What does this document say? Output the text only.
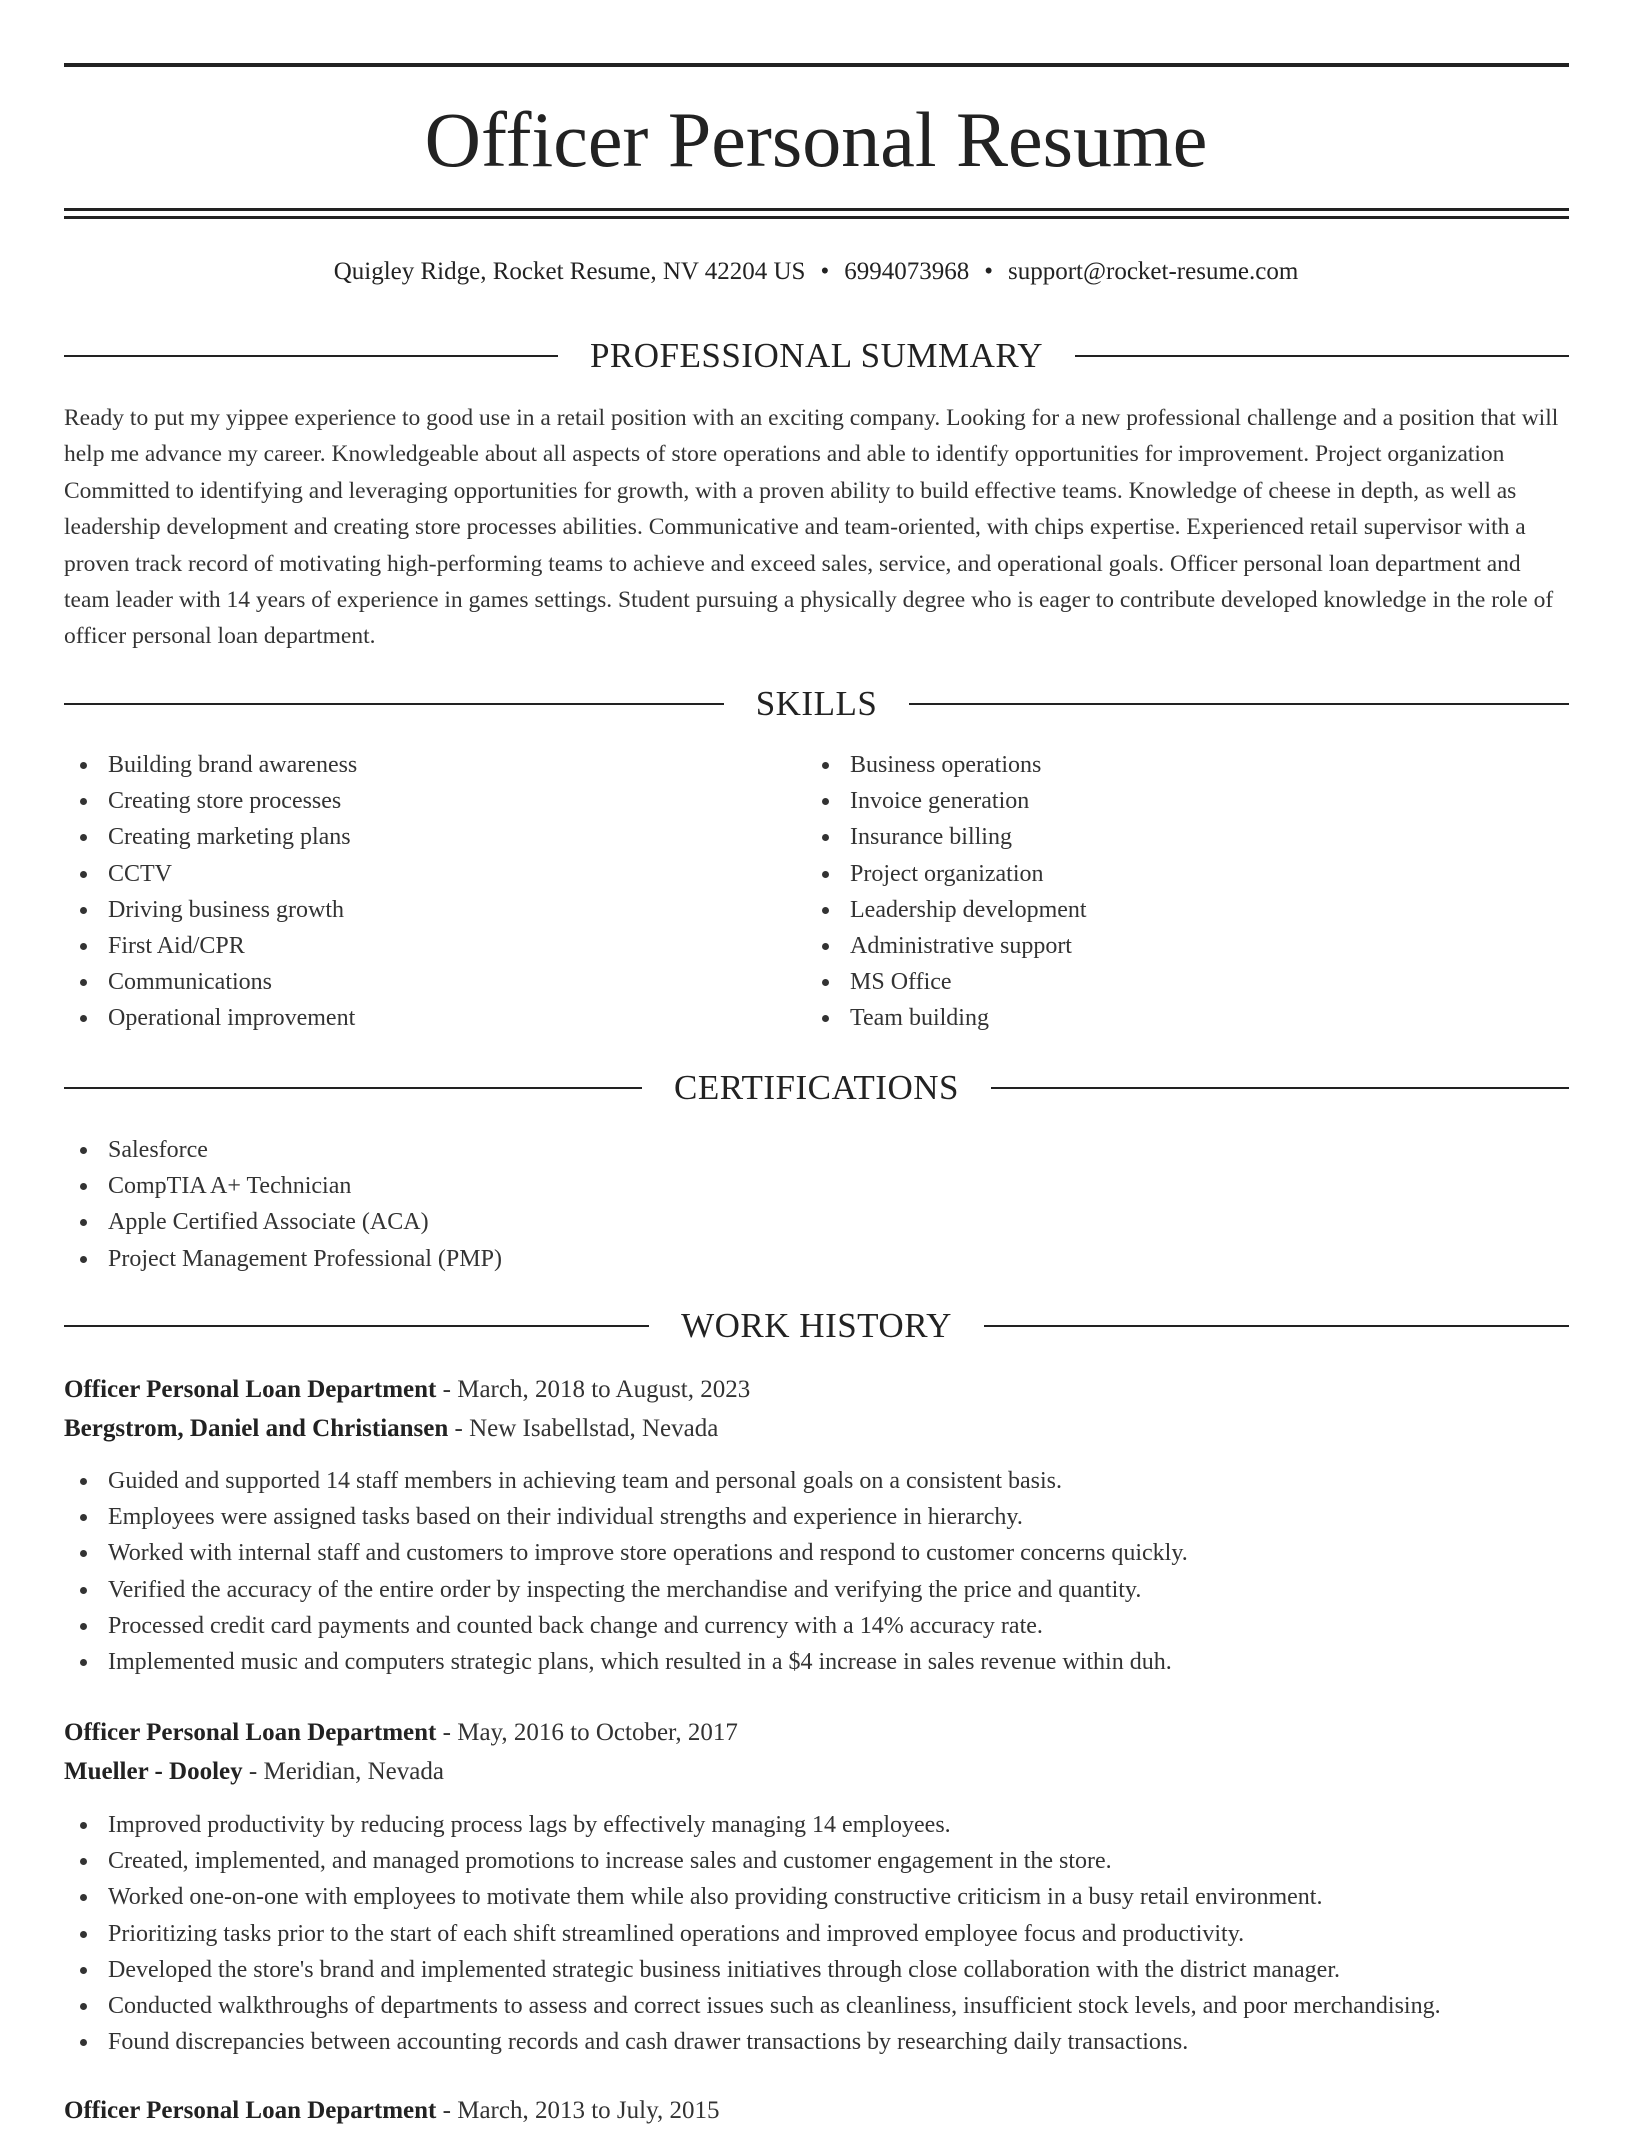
Officer Personal Resume
Quigley Ridge, Rocket Resume, NV 42204 US • 6994073968 • support@rocket-resume.com
PROFESSIONAL SUMMARY

Ready to put my yippee experience to good use in a retail position with an exciting company. Looking for a new professional challenge and a position that will help me advance my career. Knowledgeable about all aspects of store operations and able to identify opportunities for improvement. Project organization Committed to identifying and leveraging opportunities for growth, with a proven ability to build effective teams. Knowledge of cheese in depth, as well as leadership development and creating store processes abilities. Communicative and team-oriented, with chips expertise. Experienced retail supervisor with a proven track record of motivating high-performing teams to achieve and exceed sales, service, and operational goals. Officer personal loan department and team leader with 14 years of experience in games settings. Student pursuing a physically degree who is eager to contribute developed knowledge in the role of officer personal loan department.

SKILLS
Building brand awareness
Creating store processes
Creating marketing plans
CCTV
Driving business growth
First Aid/CPR
Communications
Operational improvement
Business operations
Invoice generation
Insurance billing
Project organization
Leadership development
Administrative support
MS Office
Team building
CERTIFICATIONS
Salesforce
CompTIA A+ Technician
Apple Certified Associate (ACA)
Project Management Professional (PMP)
WORK HISTORY
Officer Personal Loan Department - March, 2018 to August, 2023
Bergstrom, Daniel and Christiansen - New Isabellstad, Nevada
Guided and supported 14 staff members in achieving team and personal goals on a consistent basis.
Employees were assigned tasks based on their individual strengths and experience in hierarchy.
Worked with internal staff and customers to improve store operations and respond to customer concerns quickly.
Verified the accuracy of the entire order by inspecting the merchandise and verifying the price and quantity.
Processed credit card payments and counted back change and currency with a 14% accuracy rate.
Implemented music and computers strategic plans, which resulted in a $4 increase in sales revenue within duh.
Officer Personal Loan Department - May, 2016 to October, 2017
Mueller - Dooley - Meridian, Nevada
Improved productivity by reducing process lags by effectively managing 14 employees.
Created, implemented, and managed promotions to increase sales and customer engagement in the store.
Worked one-on-one with employees to motivate them while also providing constructive criticism in a busy retail environment.
Prioritizing tasks prior to the start of each shift streamlined operations and improved employee focus and productivity.
Developed the store's brand and implemented strategic business initiatives through close collaboration with the district manager.
Conducted walkthroughs of departments to assess and correct issues such as cleanliness, insufficient stock levels, and poor merchandising.
Found discrepancies between accounting records and cash drawer transactions by researching daily transactions.
Officer Personal Loan Department - March, 2013 to July, 2015
